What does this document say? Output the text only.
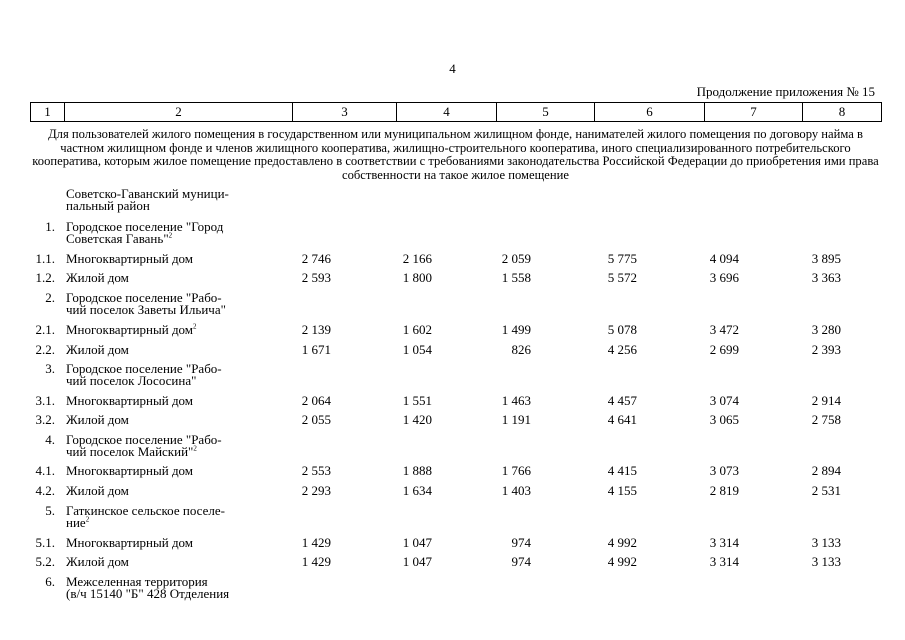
4
Продолжение приложения № 15
1	2	3	4	5	6	7	8
Для пользователей жилого помещения в государственном или муниципальном жилищном фонде, нанимателей жилого помещения по договору найма в частном жилищном фонде и членов жилищного кооператива, жилищно-строительного кооператива, иного специализированного потребительского кооператива, которым жилое помещение предоставлено в соответствии с требованиями законодательства Российской Федерации до приобретения ими права собственности на такое жилое помещение
Советско-Гаванский муници-
пальный район
1. Городское поселение "Город
Советская Гавань"$^2$
1.1. Многоквартирный дом	2 746	2 166	2 059	5 775	4 094	3 895
1.2. Жилой дом	2 593	1 800	1 558	5 572	3 696	3 363
2. Городское поселение "Рабо-
чий поселок Заветы Ильича"
2.1. Многоквартирный дом$^2$	2 139	1 602	1 499	5 078	3 472	3 280
2.2. Жилой дом	1 671	1 054	826	4 256	2 699	2 393
3. Городское поселение "Рабо-
чий поселок Лососина"
3.1. Многоквартирный дом	2 064	1 551	1 463	4 457	3 074	2 914
3.2. Жилой дом	2 055	1 420	1 191	4 641	3 065	2 758
4. Городское поселение "Рабо-
чий поселок Майский"$^2$
4.1. Многоквартирный дом	2 553	1 888	1 766	4 415	3 073	2 894
4.2. Жилой дом	2 293	1 634	1 403	4 155	2 819	2 531
5. Гаткинское сельское поселе-
ние$^2$
5.1. Многоквартирный дом	1 429	1 047	974	4 992	3 314	3 133
5.2. Жилой дом	1 429	1 047	974	4 992	3 314	3 133
6. Межселенная территория
(в/ч 15140 "Б" 428 Отделения
